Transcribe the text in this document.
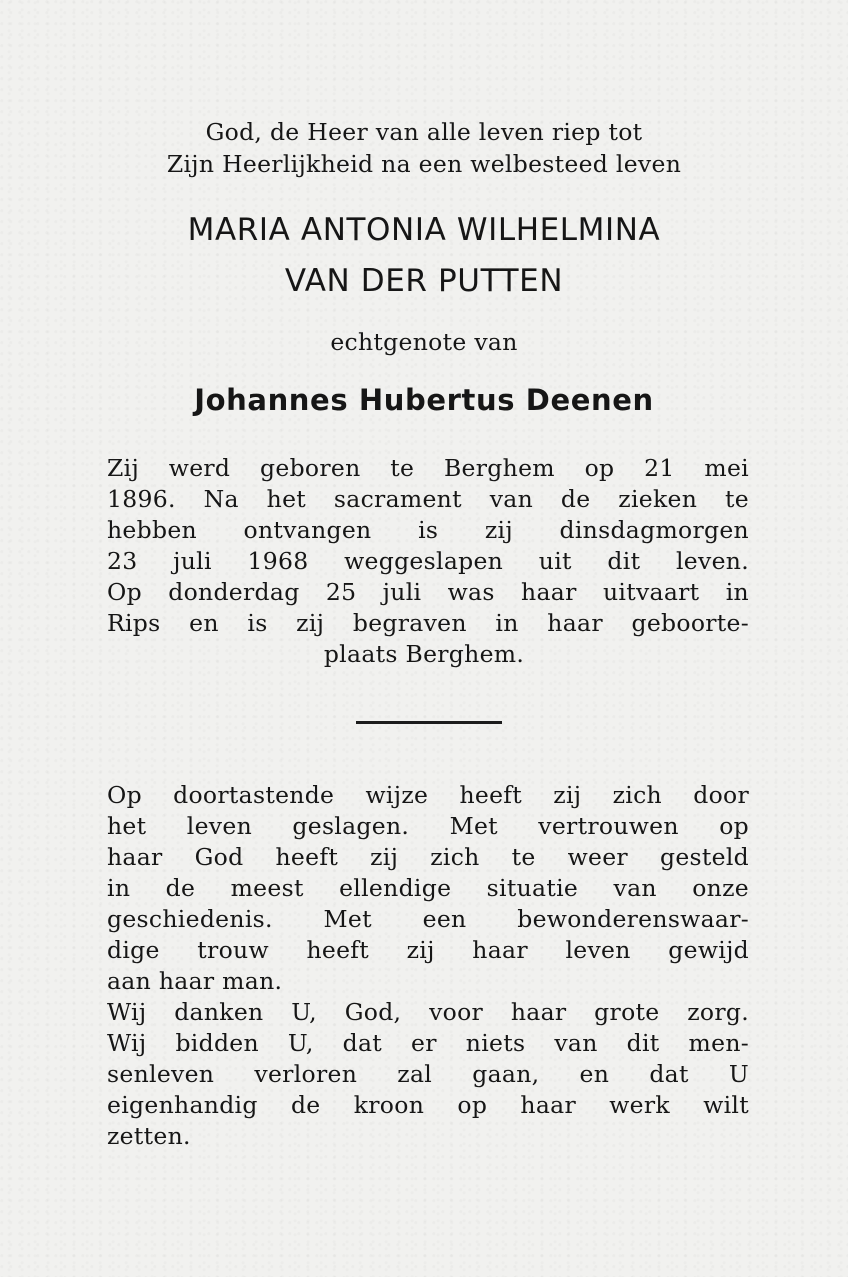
God, de Heer van alle leven riep tot
Zijn Heerlijkheid na een welbesteed leven
MARIA ANTONIA WILHELMINA
VAN DER PUTTEN
echtgenote van
Johannes Hubertus Deenen
Zij werd geboren te Berghem op 21 mei
1896. Na het sacrament van de zieken te
hebben ontvangen is zij dinsdagmorgen
23 juli 1968 weggeslapen uit dit leven.
Op donderdag 25 juli was haar uitvaart in
Rips en is zij begraven in haar geboorte-
plaats Berghem.
Op doortastende wijze heeft zij zich door
het leven geslagen. Met vertrouwen op
haar God heeft zij zich te weer gesteld
in de meest ellendige situatie van onze
geschiedenis. Met een bewonderenswaar-
dige trouw heeft zij haar leven gewijd
aan haar man.
Wij danken U, God, voor haar grote zorg.
Wij bidden U, dat er niets van dit men-
senleven verloren zal gaan, en dat U
eigenhandig de kroon op haar werk wilt
zetten.
